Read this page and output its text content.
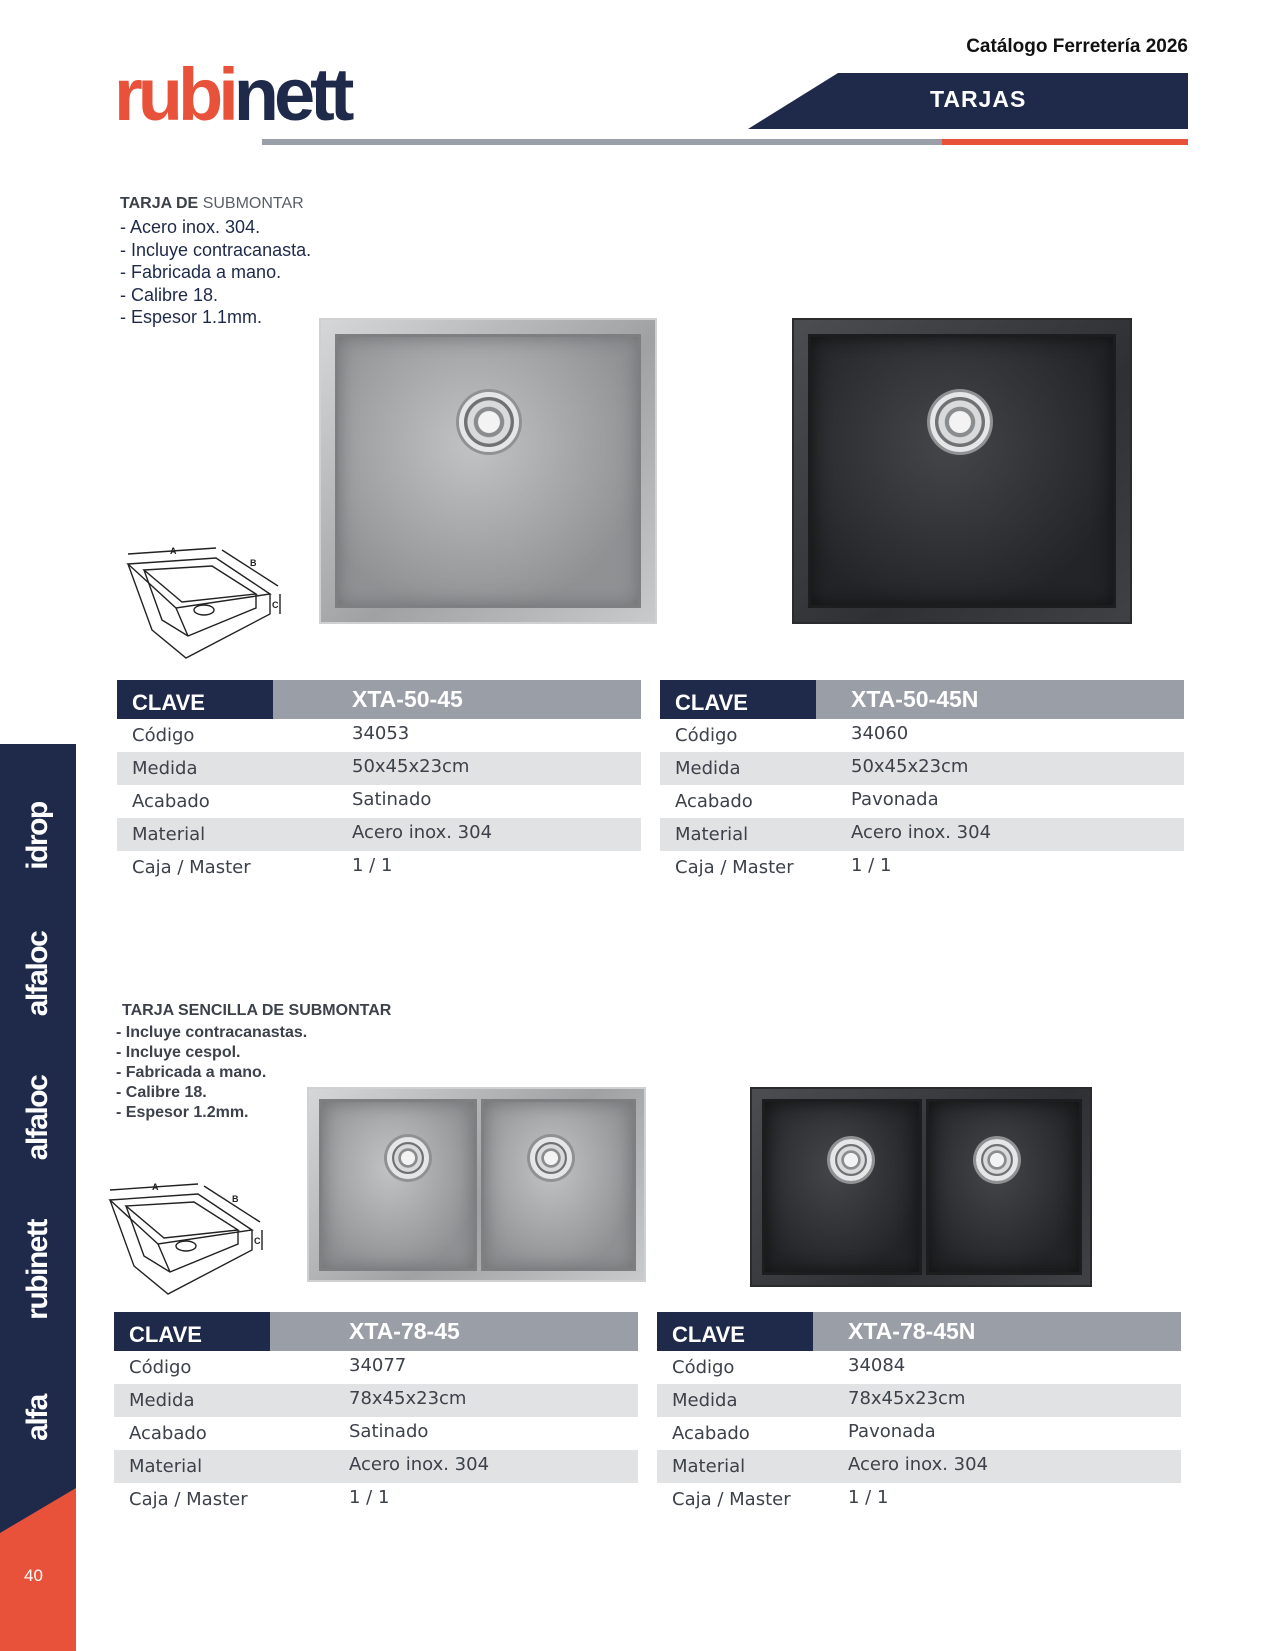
Catálogo Ferretería 2026
rubinett	TARJAS
idrop
alfaloc
alfaloc
rubinett
alfa
40
TARJA DE SUBMONTAR
- Acero inox. 304.
- Incluye contracanasta.
- Fabricada a mano.
- Calibre 18.
- Espesor 1.1mm.
A
B
C
CLAVE	XTA-50-45
Código	34053
Medida	50x45x23cm
Acabado	Satinado
Material	Acero inox. 304
Caja / Master	1 / 1
CLAVE	XTA-50-45N
Código	34060
Medida	50x45x23cm
Acabado	Pavonada
Material	Acero inox. 304
Caja / Master	1 / 1
TARJA SENCILLA DE SUBMONTAR
- Incluye contracanastas.
- Incluye cespol.
- Fabricada a mano.
- Calibre 18.
- Espesor 1.2mm.
A
B
C
CLAVE	XTA-78-45
Código	34077
Medida	78x45x23cm
Acabado	Satinado
Material	Acero inox. 304
Caja / Master	1 / 1
CLAVE	XTA-78-45N
Código	34084
Medida	78x45x23cm
Acabado	Pavonada
Material	Acero inox. 304
Caja / Master	1 / 1
